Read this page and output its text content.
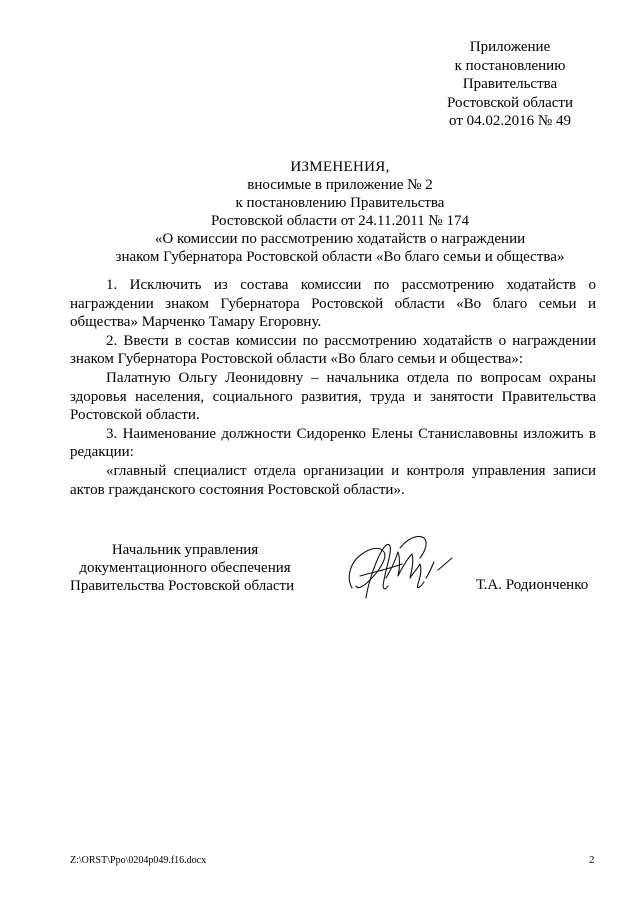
Приложение
к постановлению
Правительства
Ростовской области
от 04.02.2016 № 49
ИЗМЕНЕНИЯ,
вносимые в приложение № 2
к постановлению Правительства
Ростовской области от 24.11.2011 № 174
«О комиссии по рассмотрению ходатайств о награждении
знаком Губернатора Ростовской области «Во благо семьи и общества»

1. Исключить из состава комиссии по рассмотрению ходатайств о награждении знаком Губернатора Ростовской области «Во благо семьи и общества» Марченко Тамару Егоровну.

2. Ввести в состав комиссии по рассмотрению ходатайств о награждении знаком Губернатора Ростовской области «Во благо семьи и общества»:

Палатную Ольгу Леонидовну – начальника отдела по вопросам охраны здоровья населения, социального развития, труда и занятости Правительства Ростовской области.

3. Наименование должности Сидоренко Елены Станиславовны изложить в редакции:

«главный специалист отдела организации и контроля управления записи актов гражданского состояния Ростовской области».

Начальник управления
документационного обеспечения
Правительства Ростовской области	Т.А. Родионченко
Z:\ORST\Ppo\0204p049.f16.docx	2
